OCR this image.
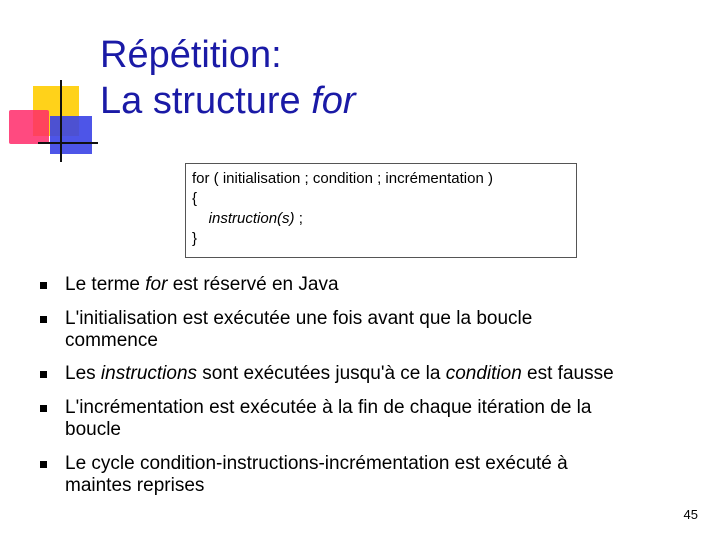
Répétition:
La structure for
for ( initialisation ; condition ; incrémentation )
{
instruction(s) ;
}
Le terme for est réservé en Java
L'initialisation est exécutée une fois avant que la boucle
commence
Les instructions sont exécutées jusqu'à ce la condition est fausse
L'incrémentation est exécutée à la fin de chaque itération de la
boucle
Le cycle condition-instructions-incrémentation est exécuté à
maintes reprises
45
